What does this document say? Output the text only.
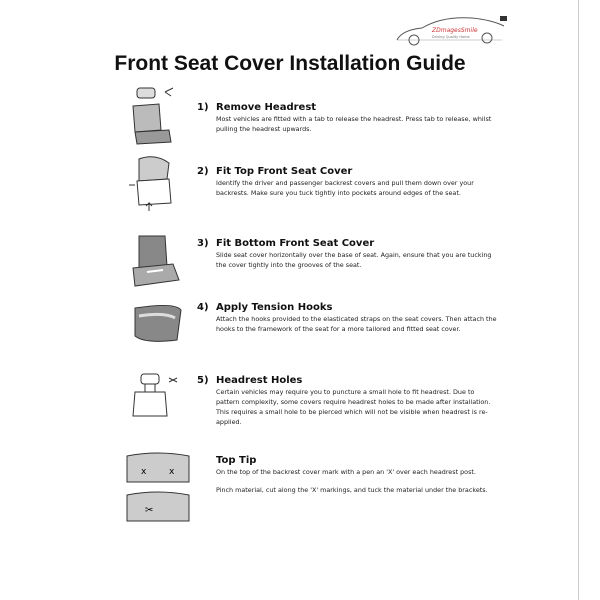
ZDmagesSmile
Driving Quality Home
Front Seat Cover Installation Guide
x	x
✂
1) Remove Headrest
Most vehicles are fitted with a tab to release the headrest. Press tab to release, whilst pulling the headrest upwards.
2) Fit Top Front Seat Cover
Identify the driver and passenger backrest covers and pull them down over your backrests. Make sure you tuck tightly into pockets around edges of the seat.
3) Fit Bottom Front Seat Cover
Slide seat cover horizontally over the base of seat. Again, ensure that you are tucking the cover tightly into the grooves of the seat.
4) Apply Tension Hooks
Attach the hooks provided to the elasticated straps on the seat covers. Then attach the hooks to the framework of the seat for a more tailored and fitted seat cover.
5) Headrest Holes
Certain vehicles may require you to puncture a small hole to fit headrest. Due to pattern complexity, some covers require headrest holes to be made after installation. This requires a small hole to be pierced which will not be visible when headrest is re-applied.
Top Tip
On the top of the backrest cover mark with a pen an 'X' over each headrest post.
Pinch material, cut along the 'X' markings, and tuck the material under the brackets.
